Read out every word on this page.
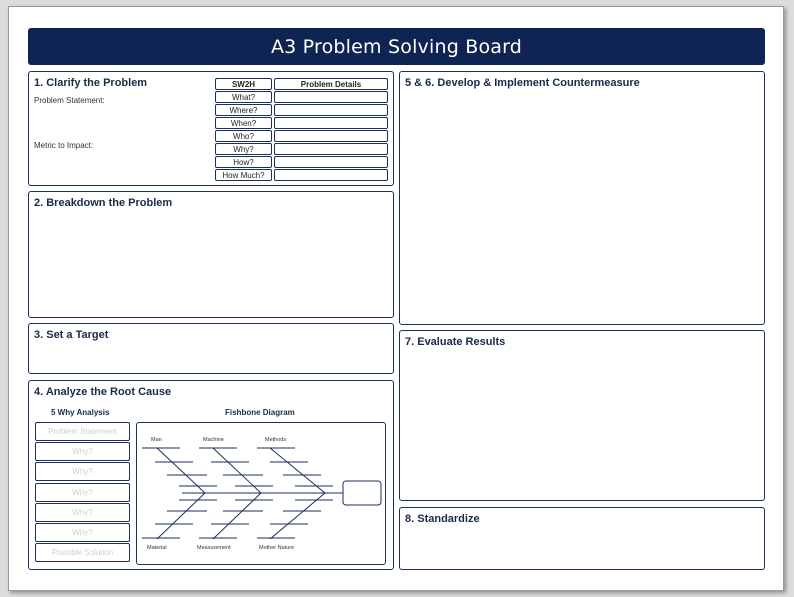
A3 Problem Solving Board
1. Clarify the Problem
Problem Statement:
Metric to Impact:
SW2H	Problem Details
What?
Where?
When?
Who?
Why?
How?
How Much?
2. Breakdown the Problem
3. Set a Target
4. Analyze the Root Cause
5 Why Analysis	Fishbone Diagram
Problem Statement
Why?
Why?
Why?
Why?
Why?
Possible Solution
Man	Machine	Methods
Material	Measurement	Mother Nature
5 & 6. Develop & Implement Countermeasure
7. Evaluate Results
8. Standardize
